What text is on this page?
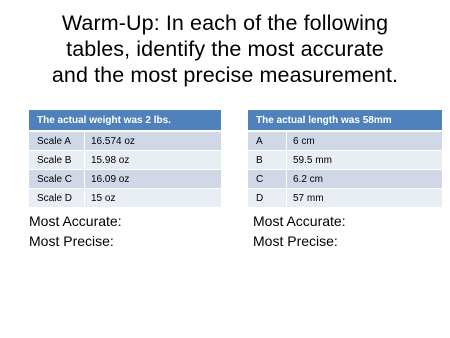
Warm-Up: In each of the following
tables, identify the most accurate
and the most precise measurement.
The actual weight was 2 lbs.	
Scale A	16.574 oz
Scale B	15.98 oz
Scale C	16.09 oz
Scale D	15 oz
The actual length was 58mm	
A	6 cm
B	59.5 mm
C	6.2 cm
D	57 mm
Most Accurate:
Most Precise:
Most Accurate:
Most Precise:
